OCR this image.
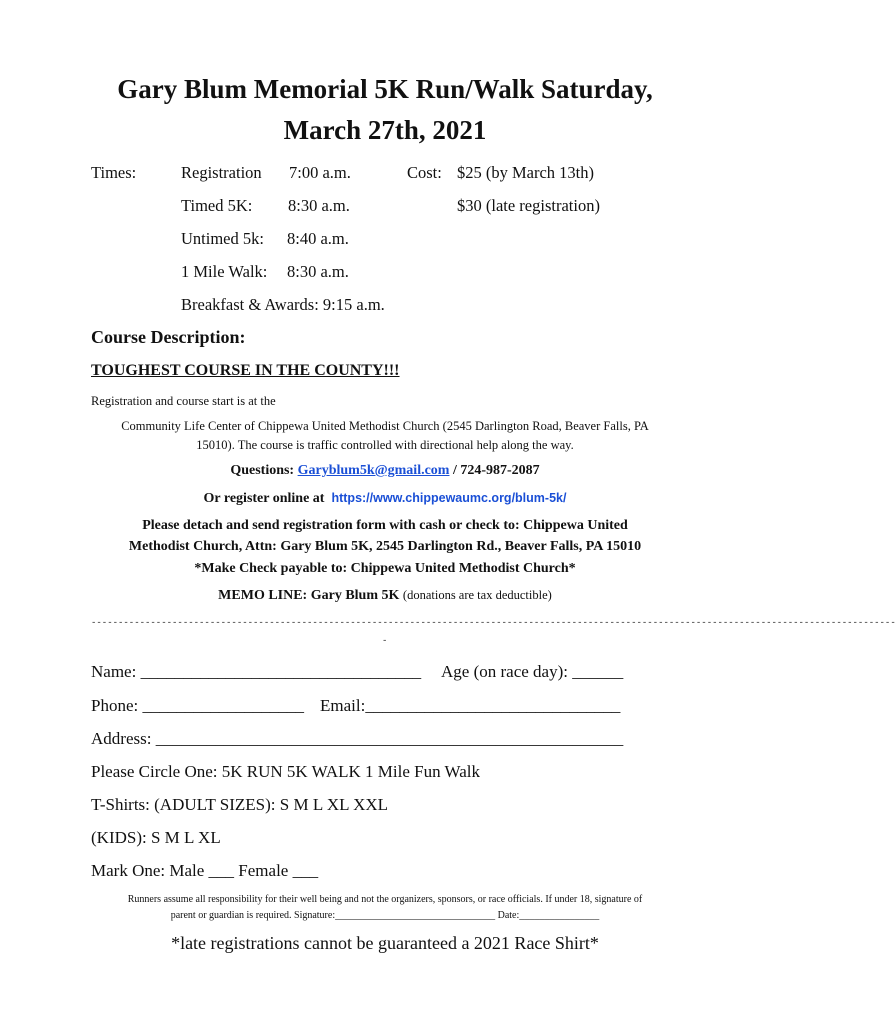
Gary Blum Memorial 5K Run/Walk Saturday,
March 27th, 2021
Times:	Registration 7:00 a.m.
Timed 5K: 8:30 a.m.
Untimed 5k: 8:40 a.m.
1 Mile Walk: 8:30 a.m.
Breakfast & Awards: 9:15 a.m.
Cost: $25 (by March 13th)
$30 (late registration)
Course Description:
TOUGHEST COURSE IN THE COUNTY!!!
Registration and course start is at the
Community Life Center of Chippewa United Methodist Church (2545 Darlington Road, Beaver Falls, PA
15010). The course is traffic controlled with directional help along the way.
Questions: Garyblum5k@gmail.com / 724-987-2087
Or register online at https://www.chippewaumc.org/blum-5k/
Please detach and send registration form with cash or check to: Chippewa United
Methodist Church, Attn: Gary Blum 5K, 2545 Darlington Rd., Beaver Falls, PA 15010
*Make Check payable to: Chippewa United Methodist Church*
MEMO LINE: Gary Blum 5K (donations are tax deductible)
-----------------------------------------------------------------------------------------------------------------------------------------------------
-
Name: _________________________________ Age (on race day): ______
Phone: ___________________ Email:______________________________
Address: _______________________________________________________
Please Circle One: 5K RUN 5K WALK 1 Mile Fun Walk
T-Shirts: (ADULT SIZES): S M L XL XXL
(KIDS): S M L XL
Mark One: Male ___ Female ___
Runners assume all responsibility for their well being and not the organizers, sponsors, or race officials. If under 18, signature of
parent or guardian is required. Signature:________________________________ Date:________________
*late registrations cannot be guaranteed a 2021 Race Shirt*
